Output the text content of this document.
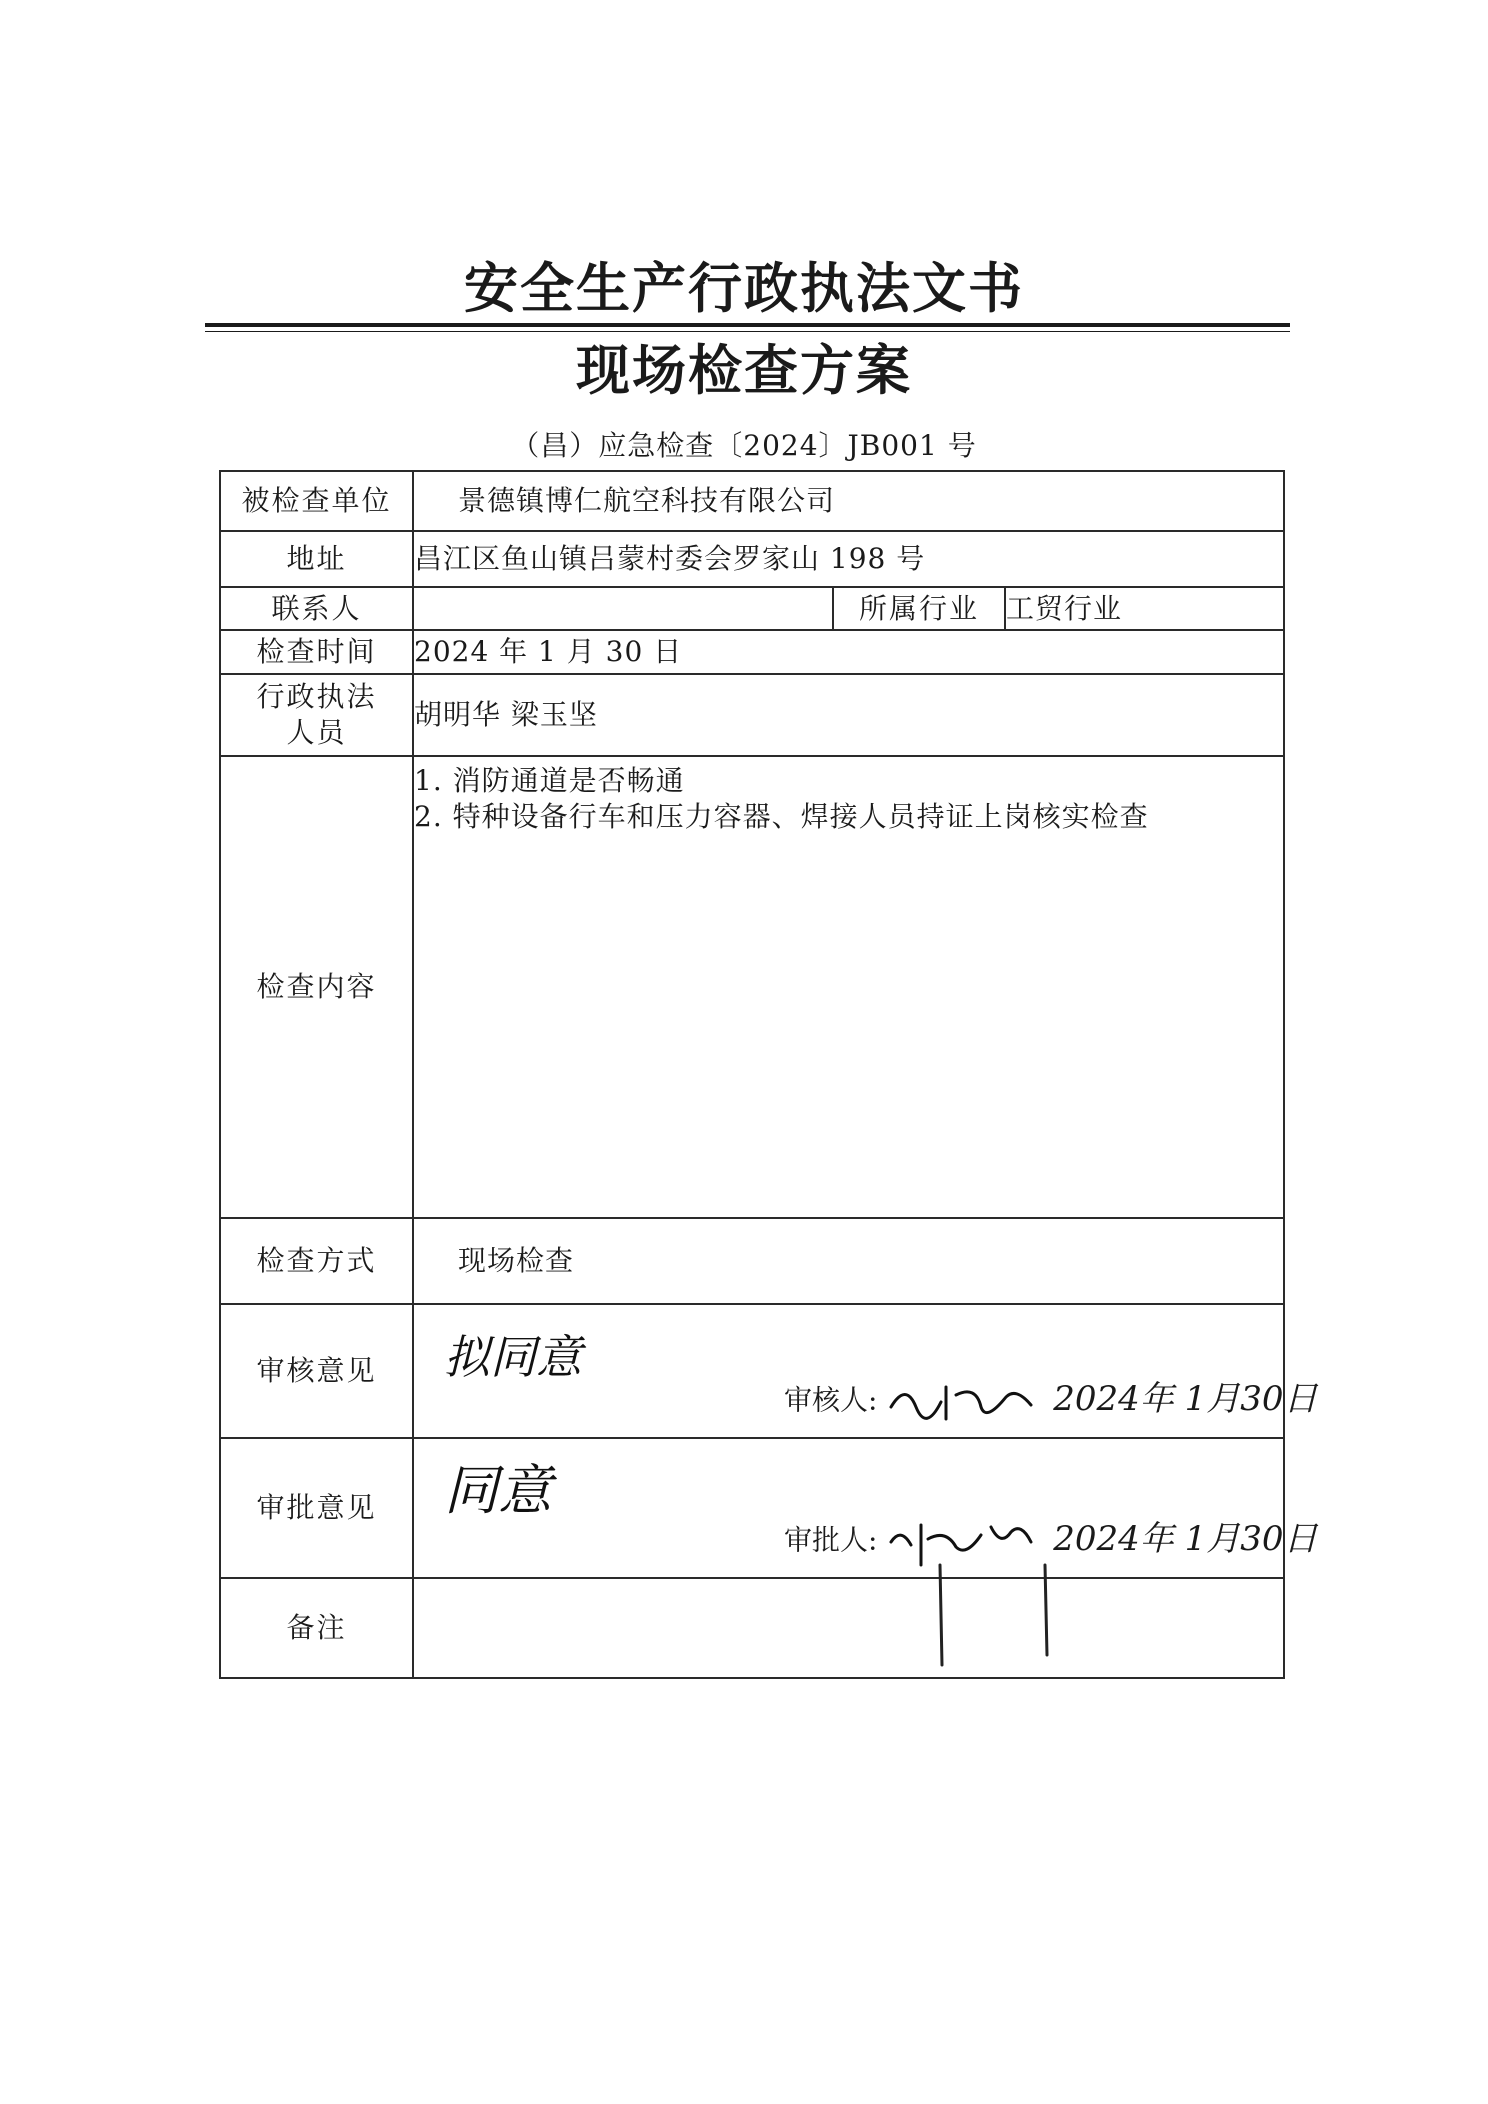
安全生产行政执法文书
现场检查方案
（昌）应急检查〔2024〕JB001 号
被检查单位	景德镇博仁航空科技有限公司		
地址	昌江区鱼山镇吕蒙村委会罗家山 198 号		
联系人		所属行业	工贸行业
检查时间	2024 年 1 月 30 日		

行政执法
人员	胡明华 梁玉坚		
检查内容	1. 消防通道是否畅通
2. 特种设备行车和压力容器、焊接人员持证上岗核实检查		

检查方式	现场检查		
审核意见	拟同意
审核人: 2024年 1月30日		

审批意见	同意
审批人: 2024年 1月30日		

备注			
